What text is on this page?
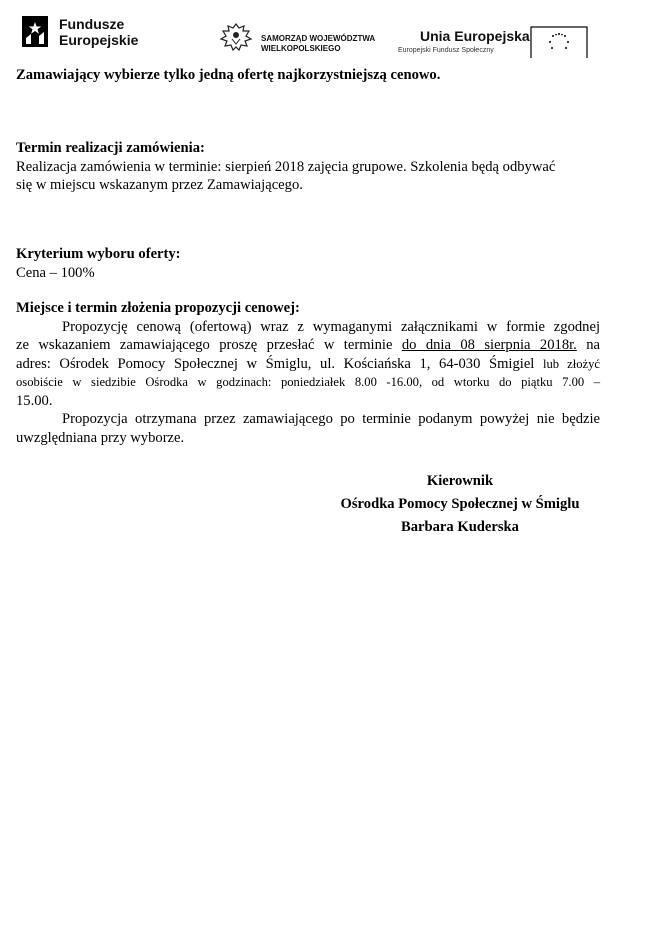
Fundusze
Europejskie	SAMORZĄD WOJEWÓDZTWA
WIELKOPOLSKIEGO
Unia Europejska
Europejski Fundusz Społeczny
Zamawiający wybierze tylko jedną ofertę najkorzystniejszą cenowo.
Termin realizacji zamówienia:
Realizacja zamówienia w terminie: sierpień 2018 zajęcia grupowe. Szkolenia będą odbywać
się w miejscu wskazanym przez Zamawiającego.
Kryterium wyboru oferty:
Cena – 100%
Miejsce i termin złożenia propozycji cenowej:
Propozycję cenową (ofertową) wraz z wymaganymi załącznikami w formie zgodnej
ze wskazaniem zamawiającego proszę przesłać w terminie do dnia 08 sierpnia 2018r. na
adres: Ośrodek Pomocy Społecznej w Śmiglu, ul. Kościańska 1, 64-030 Śmigiel lub złożyć
osobiście w siedzibie Ośrodka w godzinach: poniedziałek 8.00 -16.00, od wtorku do piątku 7.00 –
15.00.
Propozycja otrzymana przez zamawiającego po terminie podanym powyżej nie będzie
uwzględniana przy wyborze.
Kierownik
Ośrodka Pomocy Społecznej w Śmiglu
Barbara Kuderska
